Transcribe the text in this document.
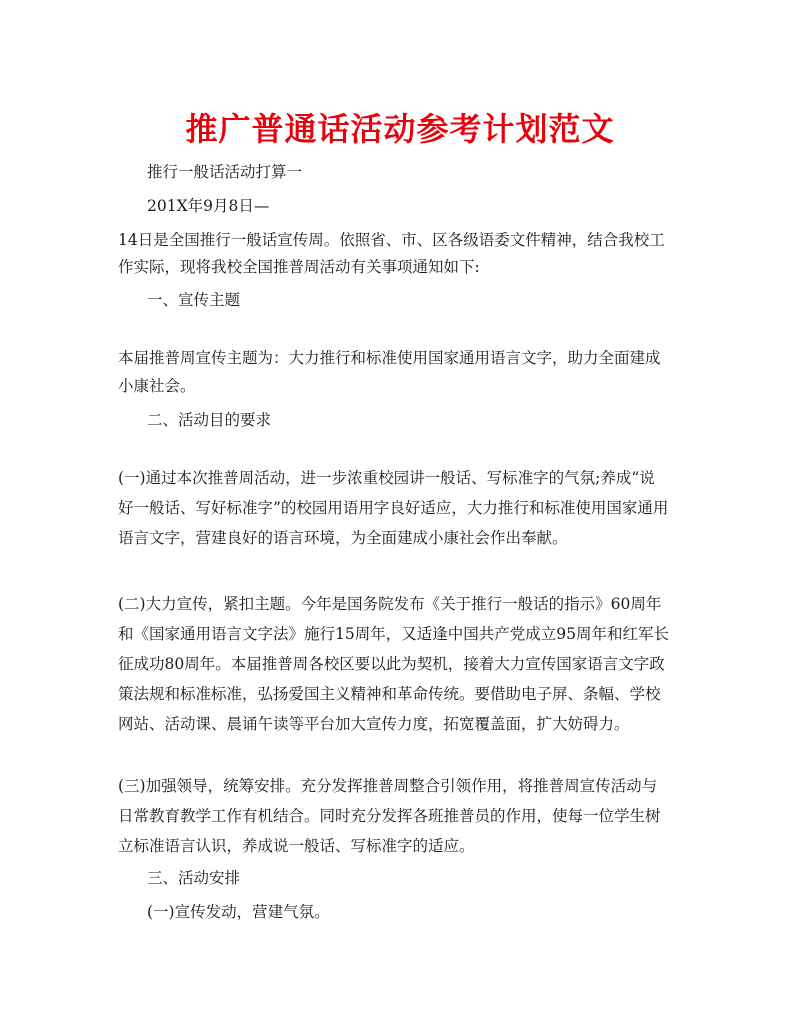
推广普通话活动参考计划范文
推行一般话活动打算一
201X年9月8日—
14日是全国推行一般话宣传周。依照省、市、区各级语委文件精神，结合我校工
作实际，现将我校全国推普周活动有关事项通知如下:
一、宣传主题
本届推普周宣传主题为：大力推行和标准使用国家通用语言文字，助力全面建成
小康社会。
二、活动目的要求
(一)通过本次推普周活动，进一步浓重校园讲一般话、写标准字的气氛;养成“说
好一般话、写好标准字”的校园用语用字良好适应，大力推行和标准使用国家通用
语言文字，营建良好的语言环境，为全面建成小康社会作出奉献。
(二)大力宣传，紧扣主题。今年是国务院发布《关于推行一般话的指示》60周年
和《国家通用语言文字法》施行15周年，又适逢中国共产党成立95周年和红军长
征成功80周年。本届推普周各校区要以此为契机，接着大力宣传国家语言文字政
策法规和标准标准，弘扬爱国主义精神和革命传统。要借助电子屏、条幅、学校
网站、活动课、晨诵午读等平台加大宣传力度，拓宽覆盖面，扩大妨碍力。
(三)加强领导，统筹安排。充分发挥推普周整合引领作用，将推普周宣传活动与
日常教育教学工作有机结合。同时充分发挥各班推普员的作用，使每一位学生树
立标准语言认识，养成说一般话、写标准字的适应。
三、活动安排
(一)宣传发动，营建气氛。
